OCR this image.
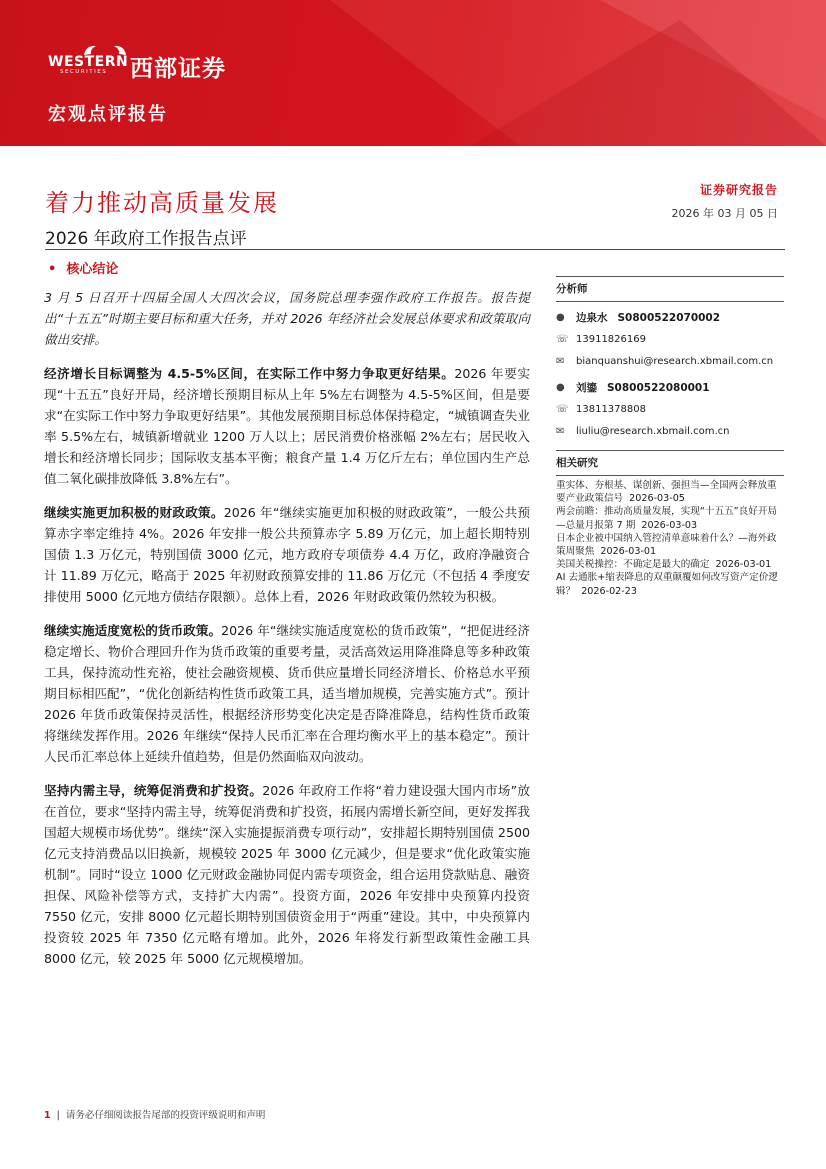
WESTERN
SECURITIES 西部证券
宏观点评报告
着力推动高质量发展
2026 年政府工作报告点评
证券研究报告
2026 年 03 月 05 日
• 核心结论

3 月 5 日召开十四届全国人大四次会议，国务院总理李强作政府工作报告。报告提出“十五五”时期主要目标和重大任务，并对 2026 年经济社会发展总体要求和政策取向做出安排。

经济增长目标调整为 4.5-5%区间，在实际工作中努力争取更好结果。2026 年要实现“十五五”良好开局，经济增长预期目标从上年 5%左右调整为 4.5-5%区间，但是要求“在实际工作中努力争取更好结果”。其他发展预期目标总体保持稳定，“城镇调查失业率 5.5%左右，城镇新增就业 1200 万人以上；居民消费价格涨幅 2%左右；居民收入增长和经济增长同步；国际收支基本平衡；粮食产量 1.4 万亿斤左右；单位国内生产总值二氧化碳排放降低 3.8%左右”。

继续实施更加积极的财政政策。2026 年“继续实施更加积极的财政政策”，一般公共预算赤字率定维持 4%。2026 年安排一般公共预算赤字 5.89 万亿元，加上超长期特别国债 1.3 万亿元，特别国债 3000 亿元，地方政府专项债券 4.4 万亿，政府净融资合计 11.89 万亿元，略高于 2025 年初财政预算安排的 11.86 万亿元（不包括 4 季度安排使用 5000 亿元地方债结存限额）。总体上看，2026 年财政政策仍然较为积极。

继续实施适度宽松的货币政策。2026 年“继续实施适度宽松的货币政策”，“把促进经济稳定增长、物价合理回升作为货币政策的重要考量，灵活高效运用降准降息等多种政策工具，保持流动性充裕，使社会融资规模、货币供应量增长同经济增长、价格总水平预期目标相匹配”，“优化创新结构性货币政策工具，适当增加规模，完善实施方式”。预计 2026 年货币政策保持灵活性，根据经济形势变化决定是否降准降息，结构性货币政策将继续发挥作用。2026 年继续“保持人民币汇率在合理均衡水平上的基本稳定”。预计人民币汇率总体上延续升值趋势，但是仍然面临双向波动。

坚持内需主导，统筹促消费和扩投资。2026 年政府工作将“着力建设强大国内市场”放在首位，要求“坚持内需主导，统筹促消费和扩投资，拓展内需增长新空间，更好发挥我国超大规模市场优势”。继续“深入实施提振消费专项行动”，安排超长期特别国债 2500 亿元支持消费品以旧换新，规模较 2025 年 3000 亿元减少，但是要求“优化政策实施机制”。同时“设立 1000 亿元财政金融协同促内需专项资金，组合运用贷款贴息、融资担保、风险补偿等方式，支持扩大内需”。投资方面，2026 年安排中央预算内投资 7550 亿元，安排 8000 亿元超长期特别国债资金用于“两重”建设。其中，中央预算内投资较 2025 年 7350 亿元略有增加。此外，2026 年将发行新型政策性金融工具 8000 亿元，较 2025 年 5000 亿元规模增加。

分析师
●	边泉水 S0800522070002
☏ 13911826169
✉	bianquanshui@research.xbmail.com.cn
●	刘鎏 S0800522080001
☏ 13811378808
✉	liuliu@research.xbmail.com.cn
相关研究

重实体、夯根基、谋创新、强担当—全国两会释放重要产业政策信号 2026-03-05

两会前瞻：推动高质量发展，实现“十五五”良好开局—总量月报第 7 期 2026-03-03

日本企业被中国纳入管控清单意味着什么？—海外政策周聚焦 2026-03-01

美国关税操控：不确定是最大的确定 2026-03-01

AI 去通胀+缩表降息的双重颠覆如何改写资产定价逻辑？ 2026-02-23

1 | 请务必仔细阅读报告尾部的投资评级说明和声明
